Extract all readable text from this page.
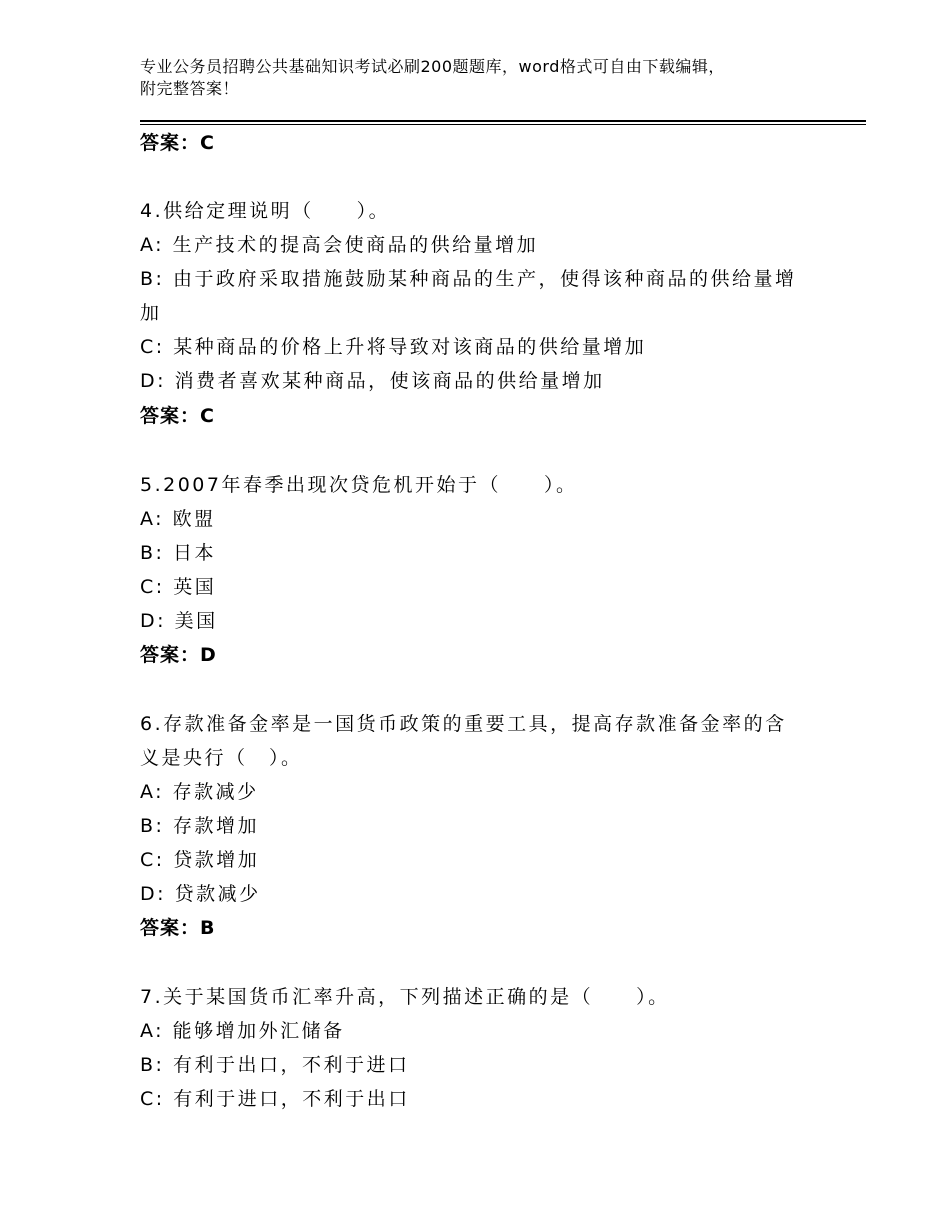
专业公务员招聘公共基础知识考试必刷200题题库，word格式可自由下载编辑，
附完整答案！
答案：C
4.供给定理说明（　　）。
A: 生产技术的提高会使商品的供给量增加
B: 由于政府采取措施鼓励某种商品的生产，使得该种商品的供给量增
加
C: 某种商品的价格上升将导致对该商品的供给量增加
D: 消费者喜欢某种商品，使该商品的供给量增加
答案：C
5.2007年春季出现次贷危机开始于（　　）。
A: 欧盟
B: 日本
C: 英国
D: 美国
答案：D
6.存款准备金率是一国货币政策的重要工具，提高存款准备金率的含
义是央行（　）。
A: 存款减少
B: 存款增加
C: 贷款增加
D: 贷款减少
答案：B
7.关于某国货币汇率升高，下列描述正确的是（　　）。
A: 能够增加外汇储备
B: 有利于出口，不利于进口
C: 有利于进口，不利于出口
